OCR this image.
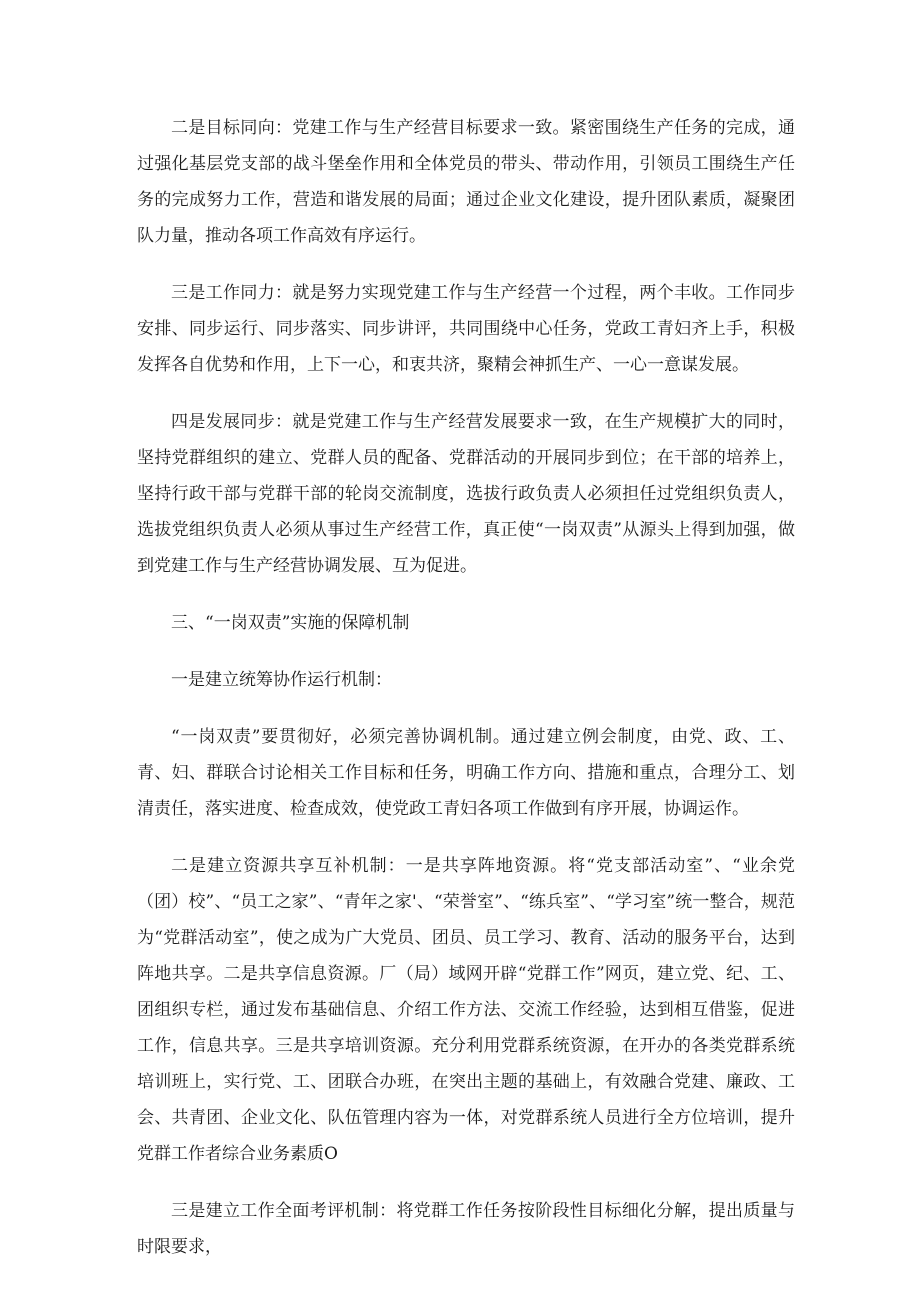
二是目标同向：党建工作与生产经营目标要求一致。紧密围绕生产任务的完成，通过强化基层党支部的战斗堡垒作用和全体党员的带头、带动作用，引领员工围绕生产任务的完成努力工作，营造和谐发展的局面；通过企业文化建设，提升团队素质，凝聚团队力量，推动各项工作高效有序运行。

三是工作同力：就是努力实现党建工作与生产经营一个过程，两个丰收。工作同步安排、同步运行、同步落实、同步讲评，共同围绕中心任务，党政工青妇齐上手，积极发挥各自优势和作用，上下一心，和衷共济，聚精会神抓生产、一心一意谋发展。

四是发展同步：就是党建工作与生产经营发展要求一致，在生产规模扩大的同时，坚持党群组织的建立、党群人员的配备、党群活动的开展同步到位；在干部的培养上，坚持行政干部与党群干部的轮岗交流制度，选拔行政负责人必须担任过党组织负责人，选拔党组织负责人必须从事过生产经营工作，真正使“一岗双责”从源头上得到加强，做到党建工作与生产经营协调发展、互为促进。

三、“一岗双责”实施的保障机制

一是建立统筹协作运行机制：

“一岗双责”要贯彻好，必须完善协调机制。通过建立例会制度，由党、政、工、青、妇、群联合讨论相关工作目标和任务，明确工作方向、措施和重点，合理分工、划清责任，落实进度、检查成效，使党政工青妇各项工作做到有序开展，协调运作。

二是建立资源共享互补机制：一是共享阵地资源。将“党支部活动室”、“业余党（团）校”、“员工之家”、“青年之家'、“荣誉室”、“练兵室”、“学习室”统一整合，规范为“党群活动室”，使之成为广大党员、团员、员工学习、教育、活动的服务平台，达到阵地共享。二是共享信息资源。厂（局）域网开辟“党群工作”网页，建立党、纪、工、团组织专栏，通过发布基础信息、介绍工作方法、交流工作经验，达到相互借鉴，促进工作，信息共享。三是共享培训资源。充分利用党群系统资源，在开办的各类党群系统培训班上，实行党、工、团联合办班，在突出主题的基础上，有效融合党建、廉政、工会、共青团、企业文化、队伍管理内容为一体，对党群系统人员进行全方位培训，提升党群工作者综合业务素质O

三是建立工作全面考评机制：将党群工作任务按阶段性目标细化分解，提出质量与时限要求，
